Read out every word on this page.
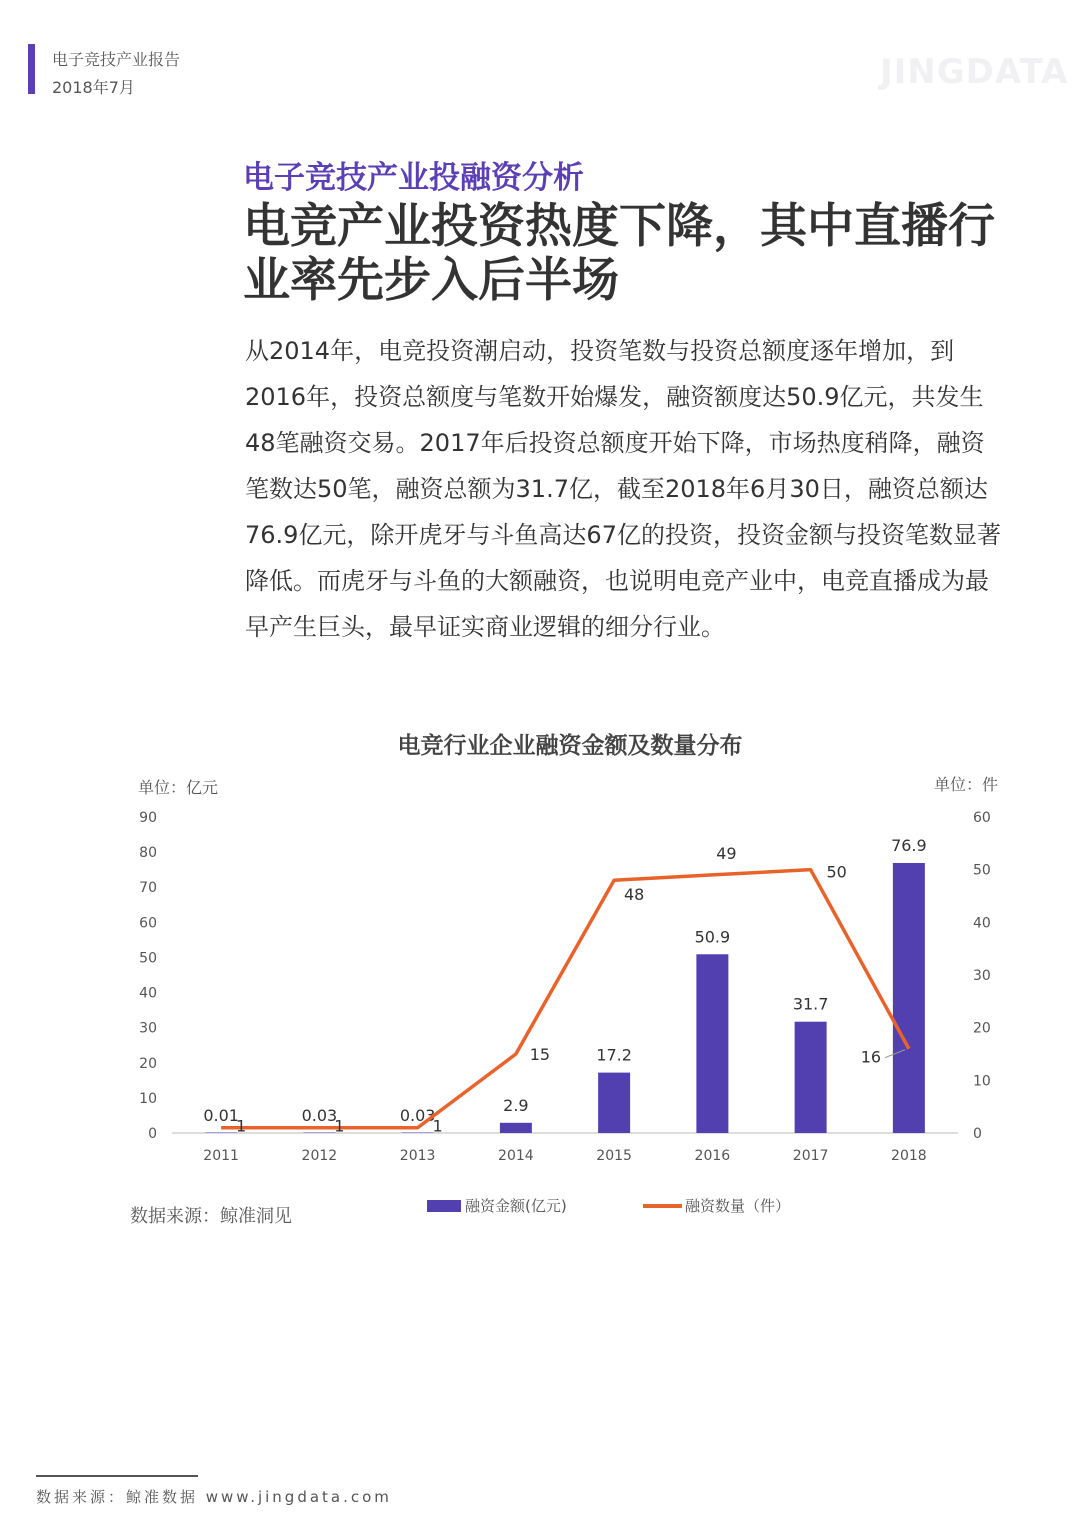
电子竞技产业报告
2018年7月	JINGDATA
电子竞技产业投融资分析
电竞产业投资热度下降，其中直播行
业率先步入后半场
从2014年，电竞投资潮启动，投资笔数与投资总额度逐年增加，到
2016年，投资总额度与笔数开始爆发，融资额度达50.9亿元，共发生
48笔融资交易。2017年后投资总额度开始下降，市场热度稍降，融资
笔数达50笔，融资总额为31.7亿，截至2018年6月30日，融资总额达
76.9亿元，除开虎牙与斗鱼高达67亿的投资，投资金额与投资笔数显著
降低。而虎牙与斗鱼的大额融资，也说明电竞产业中，电竞直播成为最
早产生巨头，最早证实商业逻辑的细分行业。
电竞行业企业融资金额及数量分布
单位：亿元	单位：件
0
10
20
30
40
50
60
70
80
90
0
10
20
30
40
50
60
2011	2012	2013	2014	2015	2016	2017	2018
0.01	0.03	0.03
2.9
17.2
50.9
31.7
76.9
1	1	1
15
48
49
50
16
融资金额(亿元)	融资数量（件）
数据来源：鲸准洞见
数据来源：鲸准数据 www.jingdata.com
